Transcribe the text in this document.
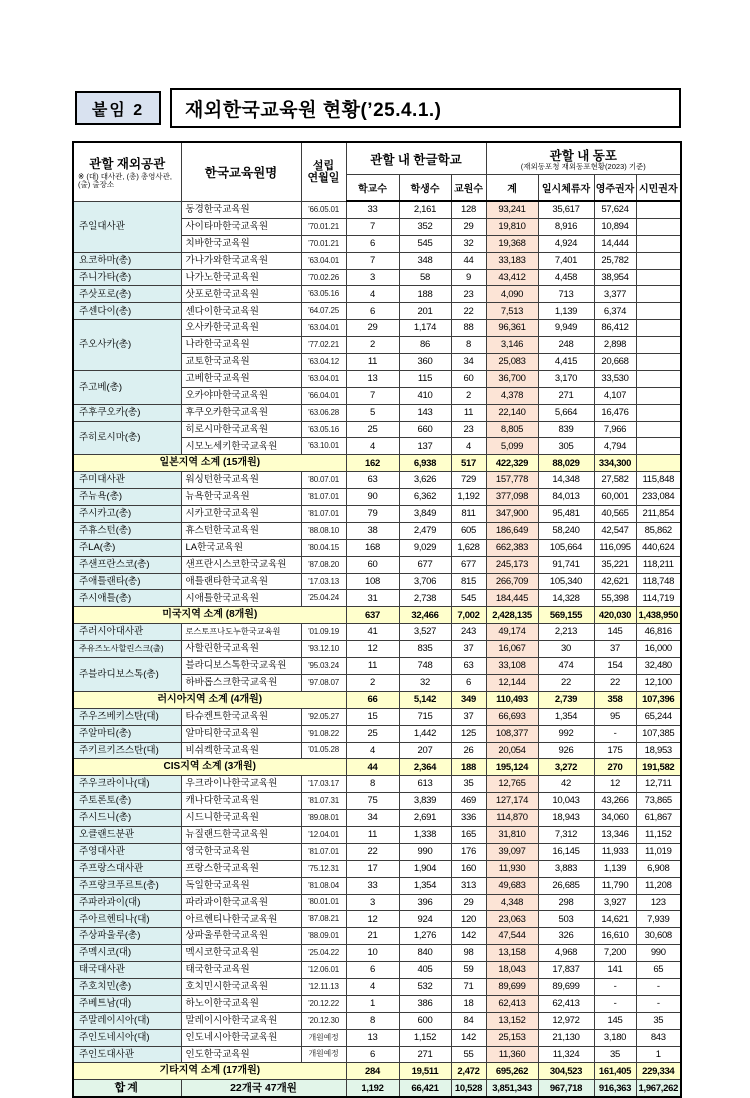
붙임 2 재외한국교육원 현황(’25.4.1.)
관할 재외공관
※ (대) 대사관, (총) 총영사관,
(출) 출장소
	한국교육원명	설립
연월일	관할 내 한글학교	관할 내 동포
(재외동포청 재외동포현황(2023) 기준)

			학교수	학생수	교원수	계	일시체류자	영주권자	시민권자
주일대사관	동경한국교육원	’66.05.01	33	2,161	128	93,241	35,617	57,624	
	사이타마한국교육원	’70.01.21	7	352	29	19,810	8,916	10,894	
	치바한국교육원	’70.01.21	6	545	32	19,368	4,924	14,444	
요코하마(총)	가나가와한국교육원	’63.04.01	7	348	44	33,183	7,401	25,782	
주니가타(총)	나가노한국교육원	’70.02.26	3	58	9	43,412	4,458	38,954	
주삿포로(총)	삿포로한국교육원	’63.05.16	4	188	23	4,090	713	3,377	
주센다이(총)	센다이한국교육원	’64.07.25	6	201	22	7,513	1,139	6,374	
주오사카(총)	오사카한국교육원	’63.04.01	29	1,174	88	96,361	9,949	86,412	
	나라한국교육원	’77.02.21	2	86	8	3,146	248	2,898	
	교토한국교육원	’63.04.12	11	360	34	25,083	4,415	20,668	
주고베(총)	고베한국교육원	’63.04.01	13	115	60	36,700	3,170	33,530	
	오카야마한국교육원	’66.04.01	7	410	2	4,378	271	4,107	
주후쿠오카(총)	후쿠오카한국교육원	’63.06.28	5	143	11	22,140	5,664	16,476	
주히로시마(총)	히로시마한국교육원	’63.05.16	25	660	23	8,805	839	7,966	
	시모노세키한국교육원	’63.10.01	4	137	4	5,099	305	4,794	
일본지역 소계 (15개원)			162	6,938	517	422,329	88,029	334,300	
주미대사관	워싱턴한국교육원	’80.07.01	63	3,626	729	157,778	14,348	27,582	115,848
주뉴욕(총)	뉴욕한국교육원	’81.07.01	90	6,362	1,192	377,098	84,013	60,001	233,084
주시카고(총)	시카고한국교육원	’81.07.01	79	3,849	811	347,900	95,481	40,565	211,854
주휴스턴(총)	휴스턴한국교육원	’88.08.10	38	2,479	605	186,649	58,240	42,547	85,862
주LA(총)	LA한국교육원	’80.04.15	168	9,029	1,628	662,383	105,664	116,095	440,624
주샌프란스코(총)	샌프란시스코한국교육원	’87.08.20	60	677	677	245,173	91,741	35,221	118,211
주애틀랜타(총)	애틀랜타한국교육원	’17.03.13	108	3,706	815	266,709	105,340	42,621	118,748
주시애틀(총)	시애틀한국교육원	’25.04.24	31	2,738	545	184,445	14,328	55,398	114,719
미국지역 소계 (8개원)			637	32,466	7,002	2,428,135	569,155	420,030	1,438,950
주러시아대사관	로스토프나도누한국교육원	’01.09.19	41	3,527	243	49,174	2,213	145	46,816
주유즈노사할린스크(출)	사할린한국교육원	’93.12.10	12	835	37	16,067	30	37	16,000
주블라디보스톡(총)	블라디보스톡한국교육원	’95.03.24	11	748	63	33,108	474	154	32,480
	하바롭스크한국교육원	’97.08.07	2	32	6	12,144	22	22	12,100
러시아지역 소계 (4개원)			66	5,142	349	110,493	2,739	358	107,396
주우즈베키스탄(대)	타슈켄트한국교육원	’92.05.27	15	715	37	66,693	1,354	95	65,244
주알마티(총)	알마티한국교육원	’91.08.22	25	1,442	125	108,377	992	-	107,385
주키르키즈스탄(대)	비쉬켁한국교육원	’01.05.28	4	207	26	20,054	926	175	18,953
CIS지역 소계 (3개원)			44	2,364	188	195,124	3,272	270	191,582
주우크라이나(대)	우크라이나한국교육원	’17.03.17	8	613	35	12,765	42	12	12,711
주토론토(총)	캐나다한국교육원	’81.07.31	75	3,839	469	127,174	10,043	43,266	73,865
주시드니(총)	시드니한국교육원	’89.08.01	34	2,691	336	114,870	18,943	34,060	61,867
오클랜드분관	뉴질랜드한국교육원	’12.04.01	11	1,338	165	31,810	7,312	13,346	11,152
주영대사관	영국한국교육원	’81.07.01	22	990	176	39,097	16,145	11,933	11,019
주프랑스대사관	프랑스한국교육원	’75.12.31	17	1,904	160	11,930	3,883	1,139	6,908
주프랑크푸르트(총)	독일한국교육원	’81.08.04	33	1,354	313	49,683	26,685	11,790	11,208
주파라과이(대)	파라과이한국교육원	’80.01.01	3	396	29	4,348	298	3,927	123
주아르헨티나(대)	아르헨티나한국교육원	’87.08.21	12	924	120	23,063	503	14,621	7,939
주상파울루(총)	상파울루한국교육원	’88.09.01	21	1,276	142	47,544	326	16,610	30,608
주멕시코(대)	멕시코한국교육원	’25.04.22	10	840	98	13,158	4,968	7,200	990
태국대사관	태국한국교육원	’12.06.01	6	405	59	18,043	17,837	141	65
주호치민(총)	호치민시한국교육원	’12.11.13	4	532	71	89,699	89,699	-	-
주베트남(대)	하노이한국교육원	’20.12.22	1	386	18	62,413	62,413	-	-
주말레이시아(대)	말레이시아한국교육원	’20.12.30	8	600	84	13,152	12,972	145	35
주인도네시아(대)	인도네시아한국교육원	개원예정	13	1,152	142	25,153	21,130	3,180	843
주인도대사관	인도한국교육원	개원예정	6	271	55	11,360	11,324	35	1
기타지역 소계 (17개원)			284	19,511	2,472	695,262	304,523	161,405	229,334
합계	22개국 47개원		1,192	66,421	10,528	3,851,343	967,718	916,363	1,967,262
